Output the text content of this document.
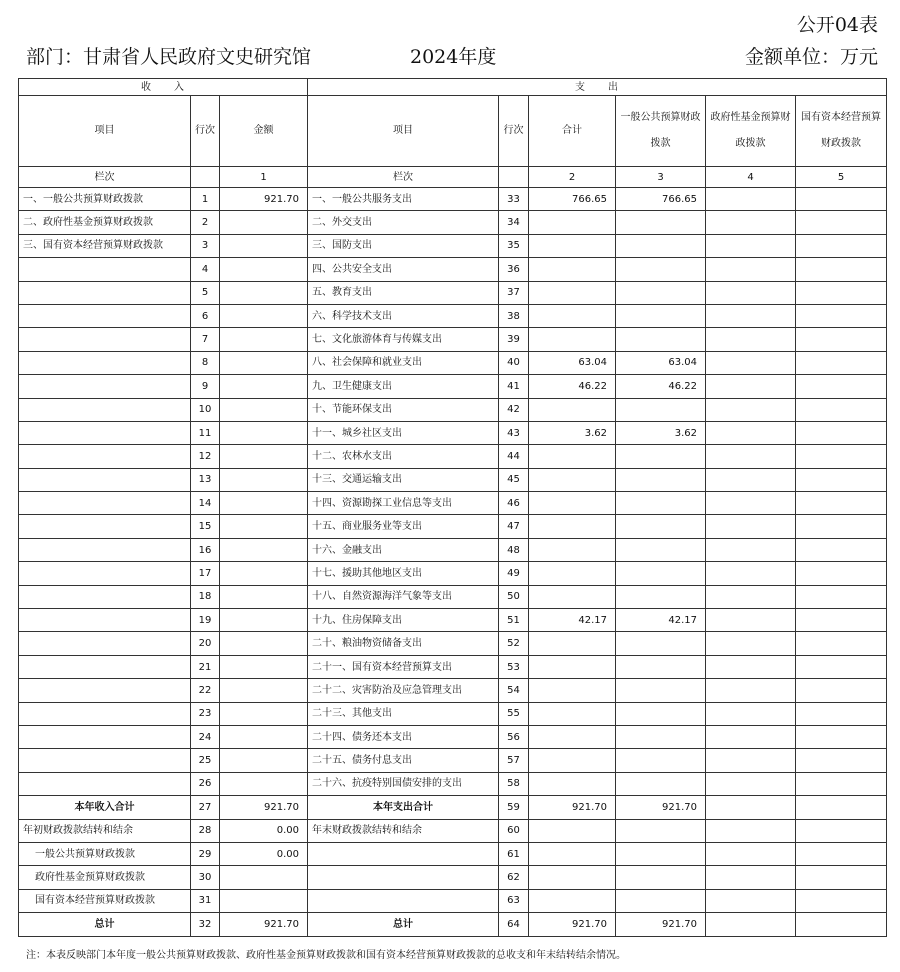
公开04表
部门：甘肃省人民政府文史研究馆	2024年度	金额单位：万元
收　　入			支　　出					
项目	行次	金额	项目	行次	合计	一般公共预算财政拨款	政府性基金预算财政拨款	国有资本经营预算财政拨款
栏次		1	栏次		2	3	4	5
一、一般公共预算财政拨款	1	921.70	一、一般公共服务支出	33	766.65	766.65		
二、政府性基金预算财政拨款	2		二、外交支出	34				
三、国有资本经营预算财政拨款	3		三、国防支出	35				
	4		四、公共安全支出	36				
	5		五、教育支出	37				
	6		六、科学技术支出	38				
	7		七、文化旅游体育与传媒支出	39				
	8		八、社会保障和就业支出	40	63.04	63.04		
	9		九、卫生健康支出	41	46.22	46.22		
	10		十、节能环保支出	42				
	11		十一、城乡社区支出	43	3.62	3.62		
	12		十二、农林水支出	44				
	13		十三、交通运输支出	45				
	14		十四、资源勘探工业信息等支出	46				
	15		十五、商业服务业等支出	47				
	16		十六、金融支出	48				
	17		十七、援助其他地区支出	49				
	18		十八、自然资源海洋气象等支出	50				
	19		十九、住房保障支出	51	42.17	42.17		
	20		二十、粮油物资储备支出	52				
	21		二十一、国有资本经营预算支出	53				
	22		二十二、灾害防治及应急管理支出	54				
	23		二十三、其他支出	55				
	24		二十四、债务还本支出	56				
	25		二十五、债务付息支出	57				
	26		二十六、抗疫特别国债安排的支出	58				
本年收入合计	27	921.70	本年支出合计	59	921.70	921.70		
年初财政拨款结转和结余	28	0.00	年末财政拨款结转和结余	60				
一般公共预算财政拨款	29	0.00		61				
政府性基金预算财政拨款	30			62				
国有资本经营预算财政拨款	31			63				
总计	32	921.70	总计	64	921.70	921.70		
注：本表反映部门本年度一般公共预算财政拨款、政府性基金预算财政拨款和国有资本经营预算财政拨款的总收支和年末结转结余情况。
